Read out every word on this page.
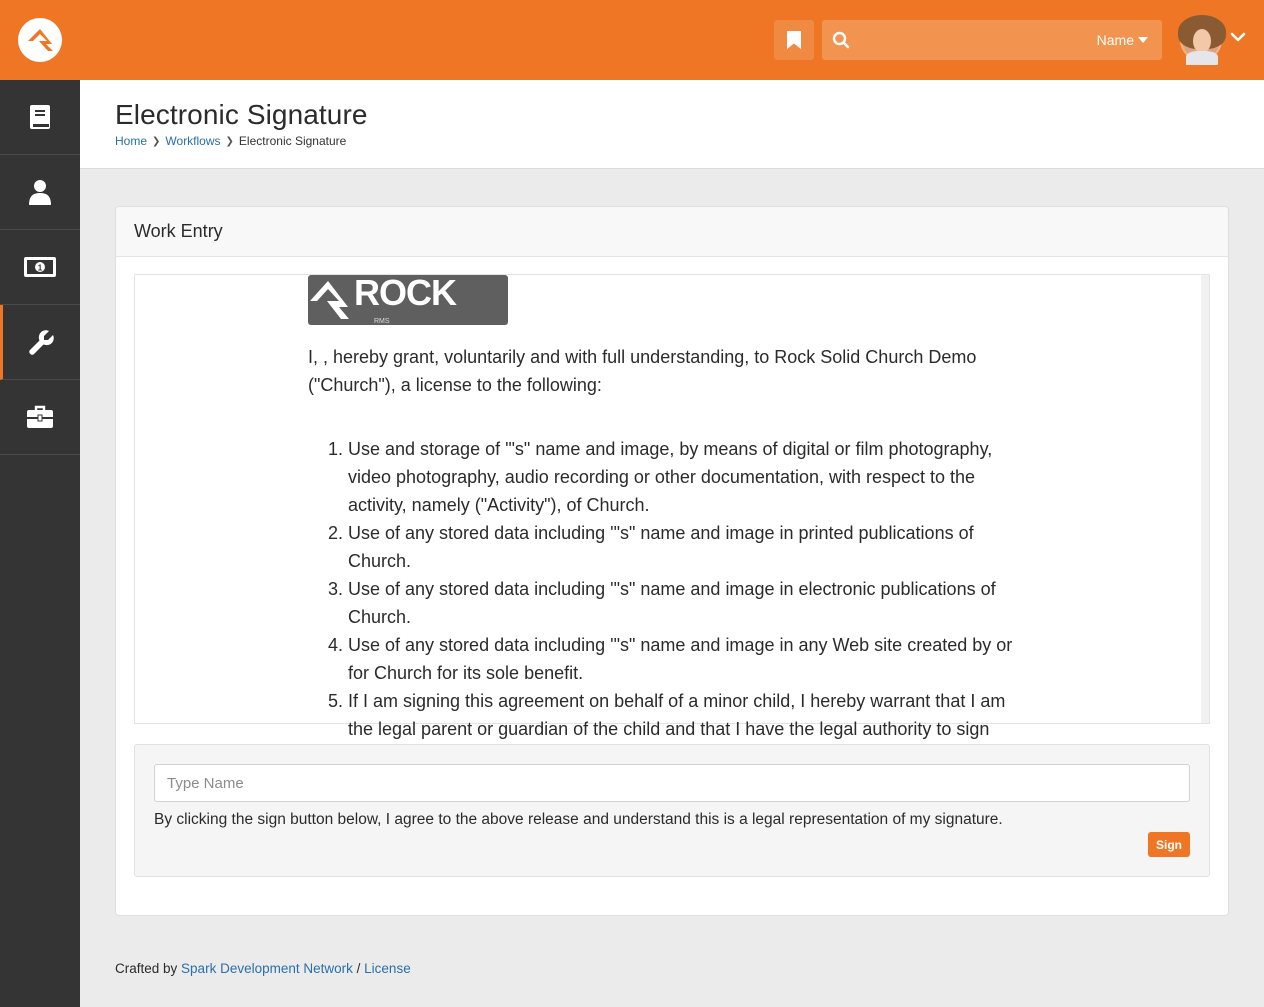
Name
1
Electronic Signature
Home ❯ Workflows ❯ Electronic Signature
Work Entry
ROCK
RMS

I, , hereby grant, voluntarily and with full understanding, to Rock Solid Church Demo ("Church"), a license to the following:

1. Use and storage of '"s" name and image, by means of digital or film photography, video photography, audio recording or other documentation, with respect to the activity, namely ("Activity"), of Church.
2. Use of any stored data including '"s" name and image in printed publications of Church.
3. Use of any stored data including '"s" name and image in electronic publications of Church.
4. Use of any stored data including '"s" name and image in any Web site created by or for Church for its sole benefit.
5. If I am signing this agreement on behalf of a minor child, I hereby warrant that I am the legal parent or guardian of the child and that I have the legal authority to sign
Type Name

By clicking the sign button below, I agree to the above release and understand this is a legal representation of my signature.

Sign
Crafted by Spark Development Network / License
